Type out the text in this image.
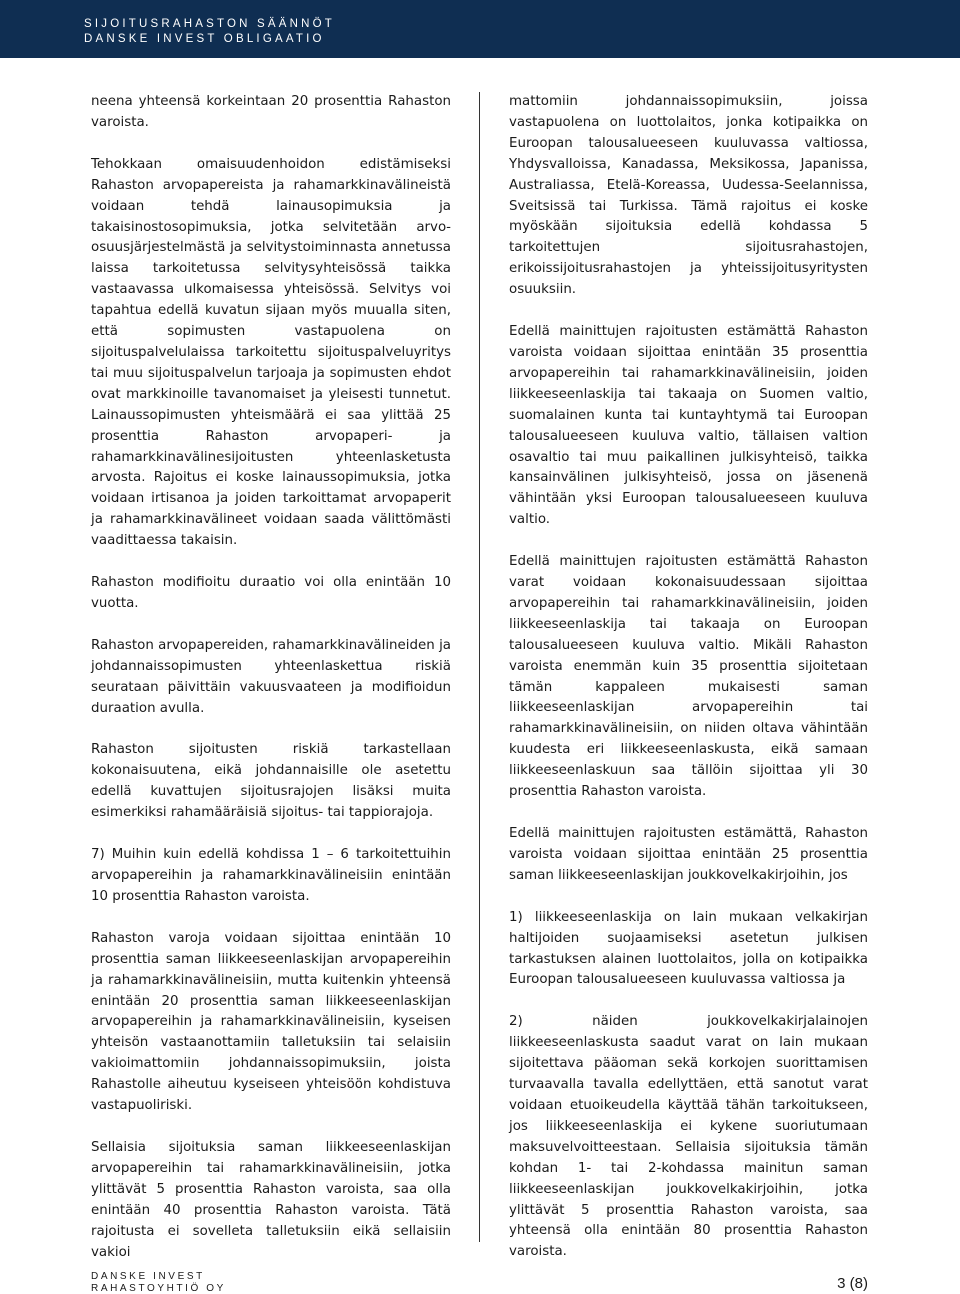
SIJOITUSRAHASTON SÄÄNNÖT
DANSKE INVEST OBLIGAATIO

neena yhteensä korkeintaan 20 prosenttia Rahaston varoista.

Tehokkaan omaisuudenhoidon edistämiseksi Rahaston arvopapereista ja rahamarkkinavälineistä voidaan tehdä lainausopimuksia ja takaisinostosopimuksia, jotka selvitetään arvoosuusjärjestelmästä ja selvitystoiminnasta annetussa laissa tarkoitetussa selvitysyhteisössä taikka vastaavassa ulkomaisessa yhteisössä. Selvitys voi tapahtua edellä kuvatun sijaan myös muualla siten, että sopimusten vastapuolena on sijoituspalvelulaissa tarkoitettu sijoituspalveluyritys tai muu sijoituspalvelun tarjoaja ja sopimusten ehdot ovat markkinoille tavanomaiset ja yleisesti tunnetut. Lainaussopimusten yhteismäärä ei saa ylittää 25 prosenttia Rahaston arvopaperi- ja rahamarkkinavälinesijoitusten yhteenlasketusta arvosta. Rajoitus ei koske lainaussopimuksia, jotka voidaan irtisanoa ja joiden tarkoittamat arvopaperit ja rahamarkkinavälineet voidaan saada välittömästi vaadittaessa takaisin.

Rahaston modifioitu duraatio voi olla enintään 10 vuotta.

Rahaston arvopapereiden, rahamarkkinavälineiden ja johdannaissopimusten yhteenlaskettua riskiä seurataan päivittäin vakuusvaateen ja modifioidun duraation avulla.

Rahaston sijoitusten riskiä tarkastellaan kokonaisuutena, eikä johdannaisille ole asetettu edellä kuvattujen sijoitusrajojen lisäksi muita esimerkiksi rahamääräisiä sijoitus- tai tappiorajoja.

7) Muihin kuin edellä kohdissa 1 – 6 tarkoitettuihin arvopapereihin ja rahamarkkinavälineisiin enintään 10 prosenttia Rahaston varoista.

Rahaston varoja voidaan sijoittaa enintään 10 prosenttia saman liikkeeseenlaskijan arvopapereihin ja rahamarkkinavälineisiin, mutta kuitenkin yhteensä enintään 20 prosenttia saman liikkeeseenlaskijan arvopapereihin ja rahamarkkinavälineisiin, kyseisen yhteisön vastaanottamiin talletuksiin tai selaisiin vakioimattomiin johdannaissopimuksiin, joista Rahastolle aiheutuu kyseiseen yhteisöön kohdistuva vastapuoliriski.

Sellaisia sijoituksia saman liikkeeseenlaskijan arvopapereihin tai rahamarkkinavälineisiin, jotka ylittävät 5 prosenttia Rahaston varoista, saa olla enintään 40 prosenttia Rahaston varoista. Tätä rajoitusta ei sovelleta talletuksiin eikä sellaisiin vakioi

mattomiin johdannaissopimuksiin, joissa vastapuolena on luottolaitos, jonka kotipaikka on Euroopan talousalueeseen kuuluvassa valtiossa, Yhdysvalloissa, Kanadassa, Meksikossa, Japanissa, Australiassa, Etelä-Koreassa, Uudessa-Seelannissa, Sveitsissä tai Turkissa. Tämä rajoitus ei koske myöskään sijoituksia edellä kohdassa 5 tarkoitettujen sijoitusrahastojen, erikoissijoitusrahastojen ja yhteissijoitusyritysten osuuksiin.

Edellä mainittujen rajoitusten estämättä Rahaston varoista voidaan sijoittaa enintään 35 prosenttia arvopapereihin tai rahamarkkinavälineisiin, joiden liikkeeseenlaskija tai takaaja on Suomen valtio, suomalainen kunta tai kuntayhtymä tai Euroopan talousalueeseen kuuluva valtio, tällaisen valtion osavaltio tai muu paikallinen julkisyhteisö, taikka kansainvälinen julkisyhteisö, jossa on jäsenenä vähintään yksi Euroopan talousalueeseen kuuluva valtio.

Edellä mainittujen rajoitusten estämättä Rahaston varat voidaan kokonaisuudessaan sijoittaa arvopapereihin tai rahamarkkinavälineisiin, joiden liikkeeseenlaskija tai takaaja on Euroopan talousalueeseen kuuluva valtio. Mikäli Rahaston varoista enemmän kuin 35 prosenttia sijoitetaan tämän kappaleen mukaisesti saman liikkeeseenlaskijan arvopapereihin tai rahamarkkinavälineisiin, on niiden oltava vähintään kuudesta eri liikkeeseenlaskusta, eikä samaan liikkeeseenlaskuun saa tällöin sijoittaa yli 30 prosenttia Rahaston varoista.

Edellä mainittujen rajoitusten estämättä, Rahaston varoista voidaan sijoittaa enintään 25 prosenttia saman liikkeeseenlaskijan joukkovelkakirjoihin, jos

1) liikkeeseenlaskija on lain mukaan velkakirjan haltijoiden suojaamiseksi asetetun julkisen tarkastuksen alainen luottolaitos, jolla on kotipaikka Euroopan talousalueeseen kuuluvassa valtiossa ja

2) näiden joukkovelkakirjalainojen liikkeeseenlaskusta saadut varat on lain mukaan sijoitettava pääoman sekä korkojen suorittamisen turvaavalla tavalla edellyttäen, että sanotut varat voidaan etuoikeudella käyttää tähän tarkoitukseen, jos liikkeeseenlaskija ei kykene suoriutumaan maksuvelvoitteestaan. Sellaisia sijoituksia tämän kohdan 1- tai 2-kohdassa mainitun saman liikkeeseenlaskijan joukkovelkakirjoihin, jotka ylittävät 5 prosenttia Rahaston varoista, saa yhteensä olla enintään 80 prosenttia Rahaston varoista.

DANSKE INVEST
RAHASTOYHTIÖ OY	3 (8)
